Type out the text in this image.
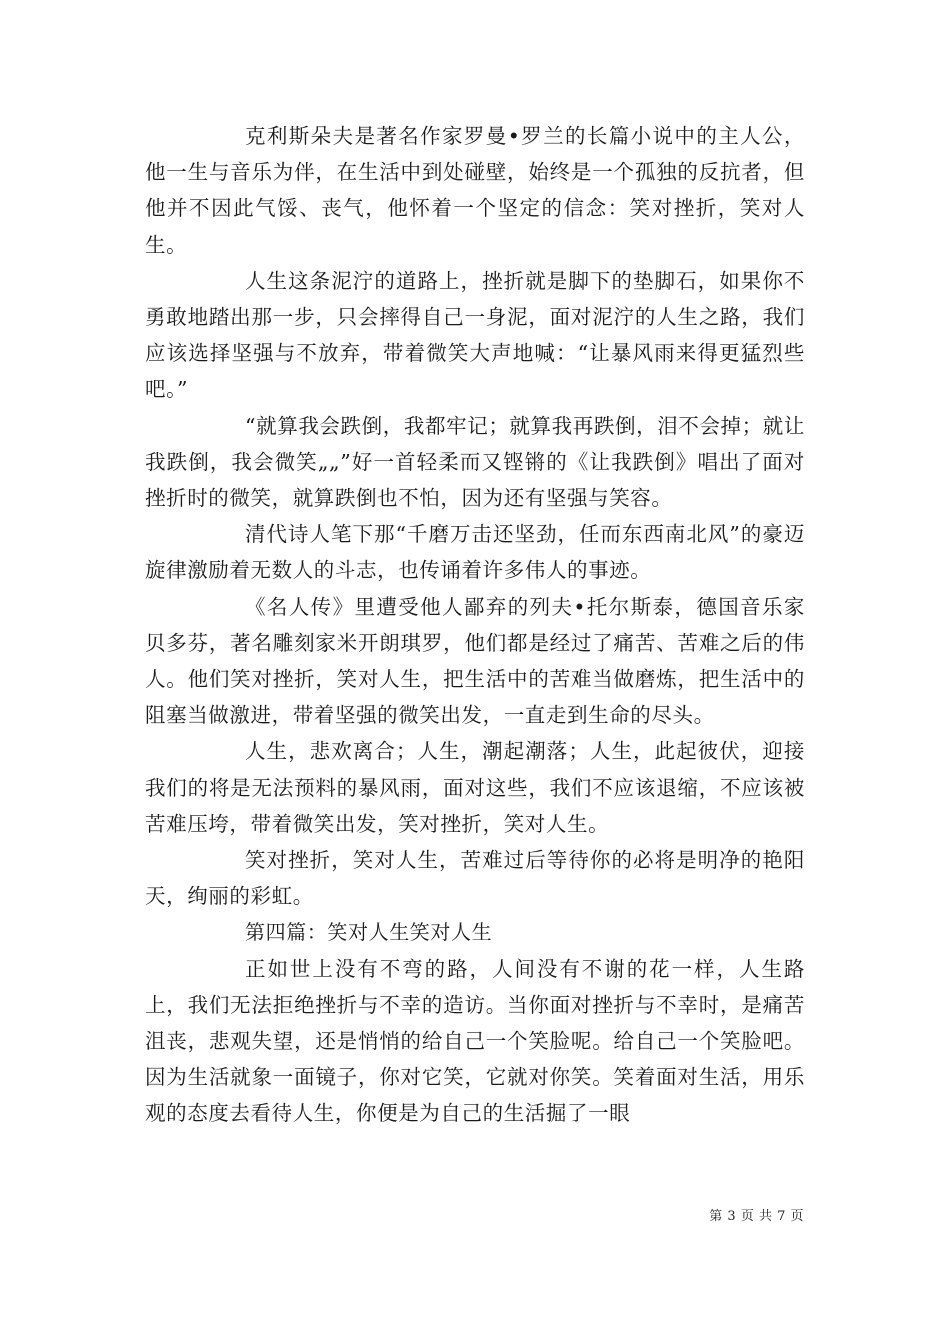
克利斯朵夫是著名作家罗曼•罗兰的长篇小说中的主人公，他一生与音乐为伴，在生活中到处碰壁，始终是一个孤独的反抗者，但他并不因此气馁、丧气，他怀着一个坚定的信念：笑对挫折，笑对人生。

人生这条泥泞的道路上，挫折就是脚下的垫脚石，如果你不勇敢地踏出那一步，只会摔得自己一身泥，面对泥泞的人生之路，我们应该选择坚强与不放弃，带着微笑大声地喊：“让暴风雨来得更猛烈些吧。”

“就算我会跌倒，我都牢记；就算我再跌倒，泪不会掉；就让我跌倒，我会微笑„„”好一首轻柔而又铿锵的《让我跌倒》唱出了面对挫折时的微笑，就算跌倒也不怕，因为还有坚强与笑容。

清代诗人笔下那“千磨万击还坚劲，任而东西南北风”的豪迈旋律激励着无数人的斗志，也传诵着许多伟人的事迹。

《名人传》里遭受他人鄙弃的列夫•托尔斯泰，德国音乐家贝多芬，著名雕刻家米开朗琪罗，他们都是经过了痛苦、苦难之后的伟人。他们笑对挫折，笑对人生，把生活中的苦难当做磨炼，把生活中的阻塞当做激进，带着坚强的微笑出发，一直走到生命的尽头。

人生，悲欢离合；人生，潮起潮落；人生，此起彼伏，迎接我们的将是无法预料的暴风雨，面对这些，我们不应该退缩，不应该被苦难压垮，带着微笑出发，笑对挫折，笑对人生。

笑对挫折，笑对人生，苦难过后等待你的必将是明净的艳阳天，绚丽的彩虹。

第四篇：笑对人生笑对人生

正如世上没有不弯的路，人间没有不谢的花一样，人生路上，我们无法拒绝挫折与不幸的造访。当你面对挫折与不幸时，是痛苦沮丧，悲观失望，还是悄悄的给自己一个笑脸呢。给自己一个笑脸吧。因为生活就象一面镜子，你对它笑，它就对你笑。笑着面对生活，用乐观的态度去看待人生，你便是为自己的生活掘了一眼

第 3 页 共 7 页
